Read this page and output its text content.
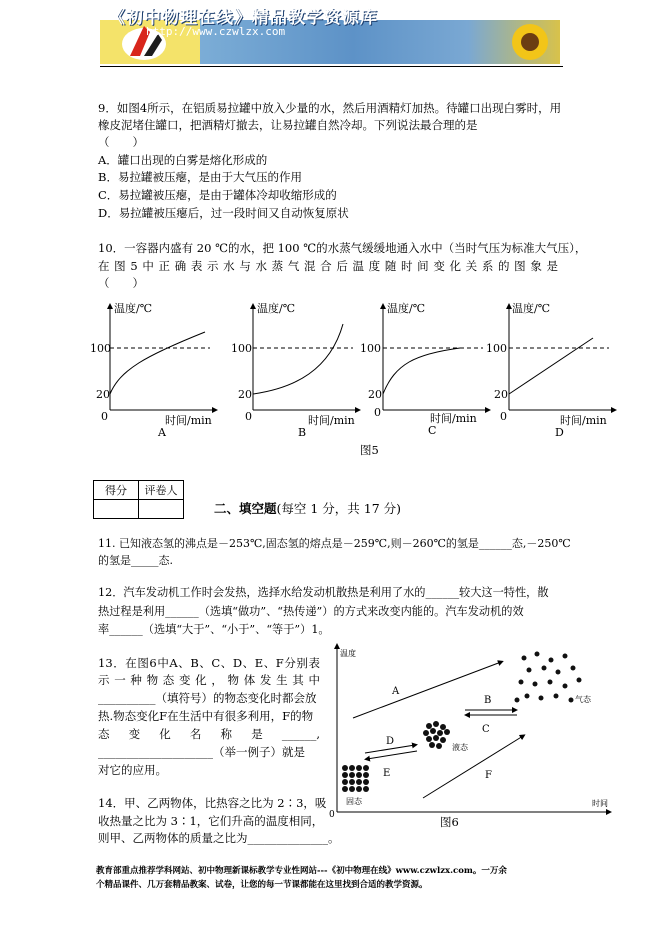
《初中物理在线》精品教学资源库
http://www.czwlzx.com
9．如图4所示，在铝质易拉罐中放入少量的水，然后用酒精灯加热。待罐口出现白雾时，用
橡皮泥堵住罐口，把酒精灯撤去，让易拉罐自然冷却。下列说法最合理的是
（　　）
A．罐口出现的白雾是熔化形成的
B．易拉罐被压瘪，是由于大气压的作用
C．易拉罐被压瘪，是由于罐体冷却收缩形成的
D．易拉罐被压瘪后，过一段时间又自动恢复原状
10．一容器内盛有 20 ℃的水，把 100 ℃的水蒸气缓缓地通入水中（当时气压为标准大气压），
在图5中正确表示水与水蒸气混合后温度随时间变化关系的图象是
（　　）
温度/℃
100
20
0	时间/min
A
温度/℃
100
20
0	时间/min
B
温度/℃
100
20
0	时间/min
C
温度/℃
100
20
0	时间/min
D
图5
得分	评卷人

二、填空题(每空 1 分，共 17 分)
11. 已知液态氢的沸点是－253℃,固态氢的熔点是－259℃,则－260℃的氢是______态,－250℃
的氢是_____态.
12．汽车发动机工作时会发热，选择水给发动机散热是利用了水的______较大这一特性，散
热过程是利用______（选填“做功”、“热传递”）的方式来改变内能的。汽车发动机的效
率______（选填“大于”、“小于”、“等于”）1。
13．在图6中A、B、C、D、E、F分别表
示一种物态变化，物体发生其中
__________（填符号）的物态变化时都会放
热.物态变化F在生活中有很多利用，F的物
态变化名称是______,
____________________（举一例子）就是
对它的应用。
温度
时间
0
A
B
C
D
E	F
固态
液态
气态
图6
14．甲、乙两物体，比热容之比为 2∶3，吸
收热量之比为 3∶1，它们升高的温度相同，
则甲、乙两物体的质量之比为______________。
教育部重点推荐学科网站、初中物理新课标教学专业性网站---《初中物理在线》www.czwlzx.com。一万余
个精品课件、几万套精品教案、试卷，让您的每一节课都能在这里找到合适的教学资源。
